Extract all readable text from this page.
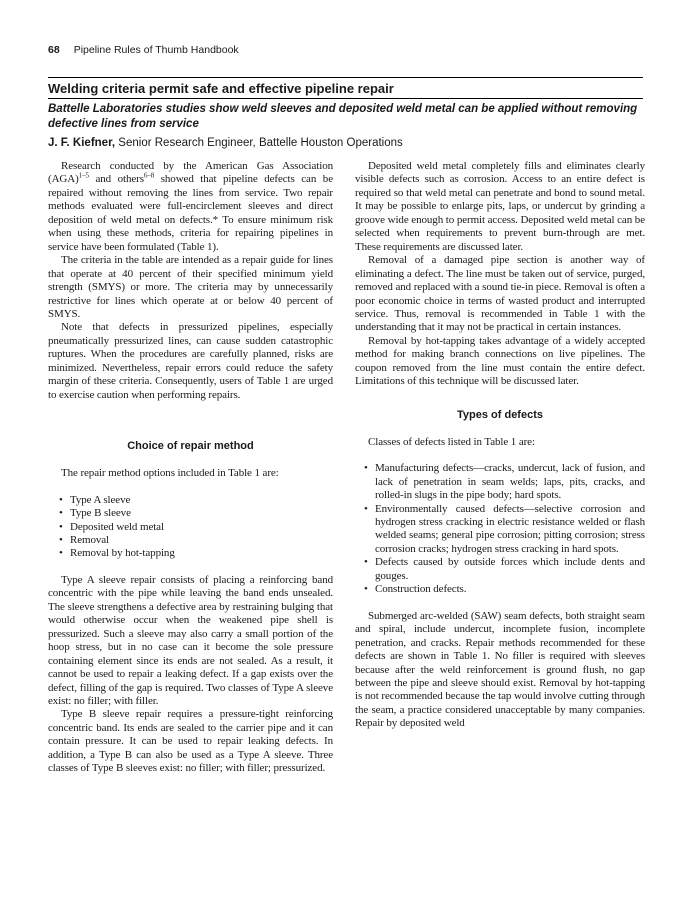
68 Pipeline Rules of Thumb Handbook
Welding criteria permit safe and effective pipeline repair
Battelle Laboratories studies show weld sleeves and deposited weld metal can be applied without removing defective lines from service
J. F. Kiefner, Senior Research Engineer, Battelle Houston Operations

Research conducted by the American Gas Association (AGA)$^{1-5}$ and others$^{6-8}$ showed that pipeline defects can be repaired without removing the lines from service. Two repair methods evaluated were full-encirclement sleeves and direct deposition of weld metal on defects.* To ensure minimum risk when using these methods, criteria for repairing pipelines in service have been formulated (Table 1).

The criteria in the table are intended as a repair guide for lines that operate at 40 percent of their specified minimum yield strength (SMYS) or more. The criteria may by unnecessarily restrictive for lines which operate at or below 40 percent of SMYS.

Note that defects in pressurized pipelines, especially pneumatically pressurized lines, can cause sudden catastrophic ruptures. When the procedures are carefully planned, risks are minimized. Nevertheless, repair errors could reduce the safety margin of these criteria. Consequently, users of Table 1 are urged to exercise caution when performing repairs.

Choice of repair method

The repair method options included in Table 1 are:

• Type A sleeve
• Type B sleeve
• Deposited weld metal
• Removal
• Removal by hot-tapping

Type A sleeve repair consists of placing a reinforcing band concentric with the pipe while leaving the band ends unsealed. The sleeve strengthens a defective area by restraining bulging that would otherwise occur when the weakened pipe shell is pressurized. Such a sleeve may also carry a small portion of the hoop stress, but in no case can it become the sole pressure containing element since its ends are not sealed. As a result, it cannot be used to repair a leaking defect. If a gap exists over the defect, filling of the gap is required. Two classes of Type A sleeve exist: no filler; with filler.

Type B sleeve repair requires a pressure-tight reinforcing concentric band. Its ends are sealed to the carrier pipe and it can contain pressure. It can be used to repair leaking defects. In addition, a Type B can also be used as a Type A sleeve. Three classes of Type B sleeves exist: no filler; with filler; pressurized.

Deposited weld metal completely fills and eliminates clearly visible defects such as corrosion. Access to an entire defect is required so that weld metal can penetrate and bond to sound metal. It may be possible to enlarge pits, laps, or undercut by grinding a groove wide enough to permit access. Deposited weld metal can be selected when requirements to prevent burn-through are met. These requirements are discussed later.

Removal of a damaged pipe section is another way of eliminating a defect. The line must be taken out of service, purged, removed and replaced with a sound tie-in piece. Removal is often a poor economic choice in terms of wasted product and interrupted service. Thus, removal is recommended in Table 1 with the understanding that it may not be practical in certain instances.

Removal by hot-tapping takes advantage of a widely accepted method for making branch connections on live pipelines. The coupon removed from the line must contain the entire defect. Limitations of this technique will be discussed later.

Types of defects

Classes of defects listed in Table 1 are:

• Manufacturing defects—cracks, undercut, lack of fusion, and lack of penetration in seam welds; laps, pits, cracks, and rolled-in slugs in the pipe body; hard spots.
• Environmentally caused defects—selective corrosion and hydrogen stress cracking in electric resistance welded or flash welded seams; general pipe corrosion; pitting corrosion; stress corrosion cracks; hydrogen stress cracking in hard spots.
• Defects caused by outside forces which include dents and gouges.
• Construction defects.

Submerged arc-welded (SAW) seam defects, both straight seam and spiral, include undercut, incomplete fusion, incomplete penetration, and cracks. Repair methods recommended for these defects are shown in Table 1. No filler is required with sleeves because after the weld reinforcement is ground flush, no gap between the pipe and sleeve should exist. Removal by hot-tapping is not recommended because the tap would involve cutting through the seam, a practice considered unacceptable by many companies. Repair by deposited weld
